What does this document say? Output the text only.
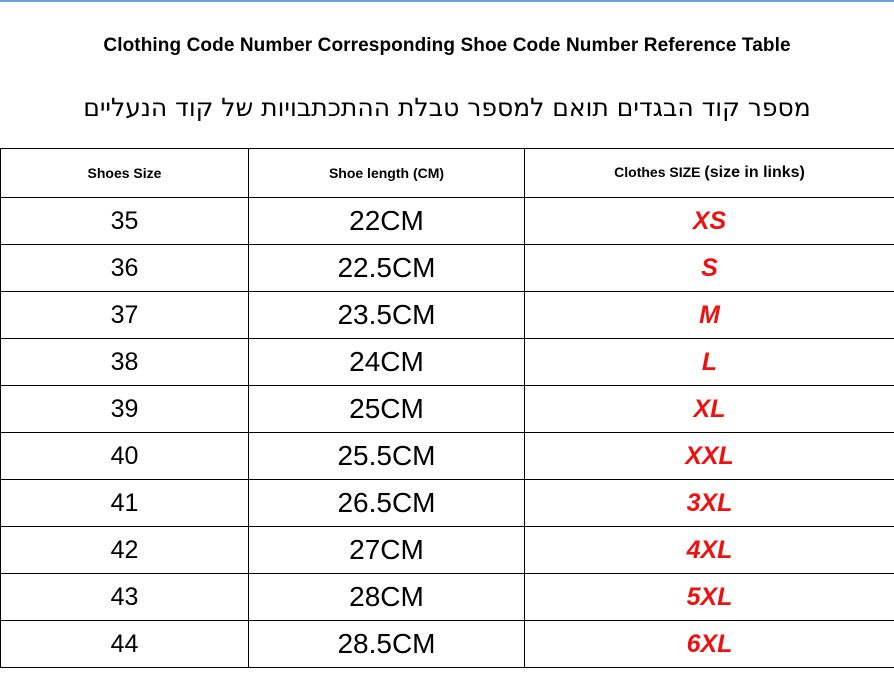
Clothing Code Number Corresponding Shoe Code Number Reference Table
מספר קוד הבגדים תואם למספר טבלת ההתכתבויות של קוד הנעליים
Shoes Size	Shoe length (CM)	Clothes SIZE (size in links)
35	22CM	XS
36	22.5CM	S
37	23.5CM	M
38	24CM	L
39	25CM	XL
40	25.5CM	XXL
41	26.5CM	3XL
42	27CM	4XL
43	28CM	5XL
44	28.5CM	6XL
